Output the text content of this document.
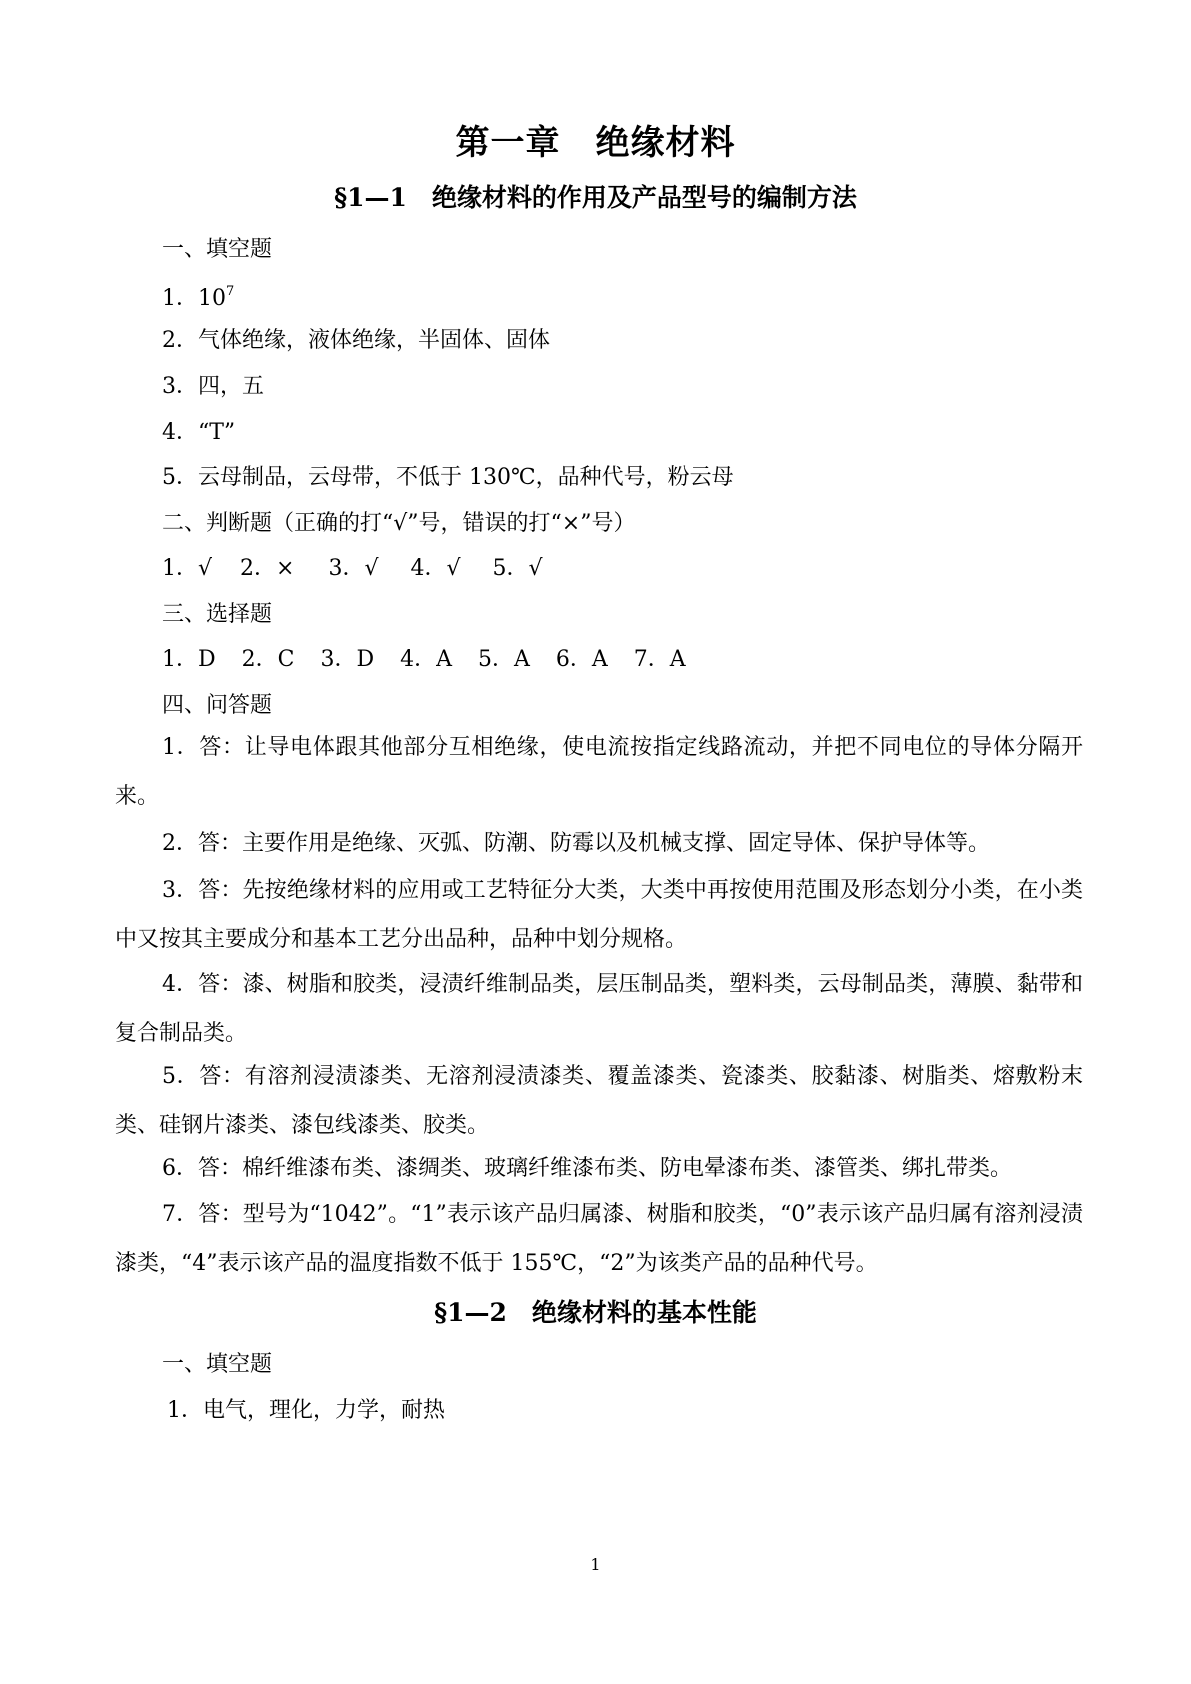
第一章　绝缘材料
§1—1　绝缘材料的作用及产品型号的编制方法
一、填空题
1．$10^7$
2．气体绝缘，液体绝缘，半固体、固体
3．四，五
4．“T”
5．云母制品，云母带，不低于 130℃，品种代号，粉云母
二、判断题（正确的打“√”号，错误的打“×”号）
1．√ 2．× 3．√ 4．√ 5．√
三、选择题
1．D 2．C 3．D 4．A 5．A 6．A 7．A
四、问答题
1．答：让导电体跟其他部分互相绝缘，使电流按指定线路流动，并把不同电位的导体分隔开来。
2．答：主要作用是绝缘、灭弧、防潮、防霉以及机械支撑、固定导体、保护导体等。
3．答：先按绝缘材料的应用或工艺特征分大类，大类中再按使用范围及形态划分小类，在小类中又按其主要成分和基本工艺分出品种，品种中划分规格。
4．答：漆、树脂和胶类，浸渍纤维制品类，层压制品类，塑料类，云母制品类，薄膜、黏带和复合制品类。
5．答：有溶剂浸渍漆类、无溶剂浸渍漆类、覆盖漆类、瓷漆类、胶黏漆、树脂类、熔敷粉末类、硅钢片漆类、漆包线漆类、胶类。
6．答：棉纤维漆布类、漆绸类、玻璃纤维漆布类、防电晕漆布类、漆管类、绑扎带类。
7．答：型号为“1042”。“1”表示该产品归属漆、树脂和胶类，“0”表示该产品归属有溶剂浸渍漆类，“4”表示该产品的温度指数不低于 155℃，“2”为该类产品的品种代号。
§1—2　绝缘材料的基本性能
一、填空题
1．电气，理化，力学，耐热
1
